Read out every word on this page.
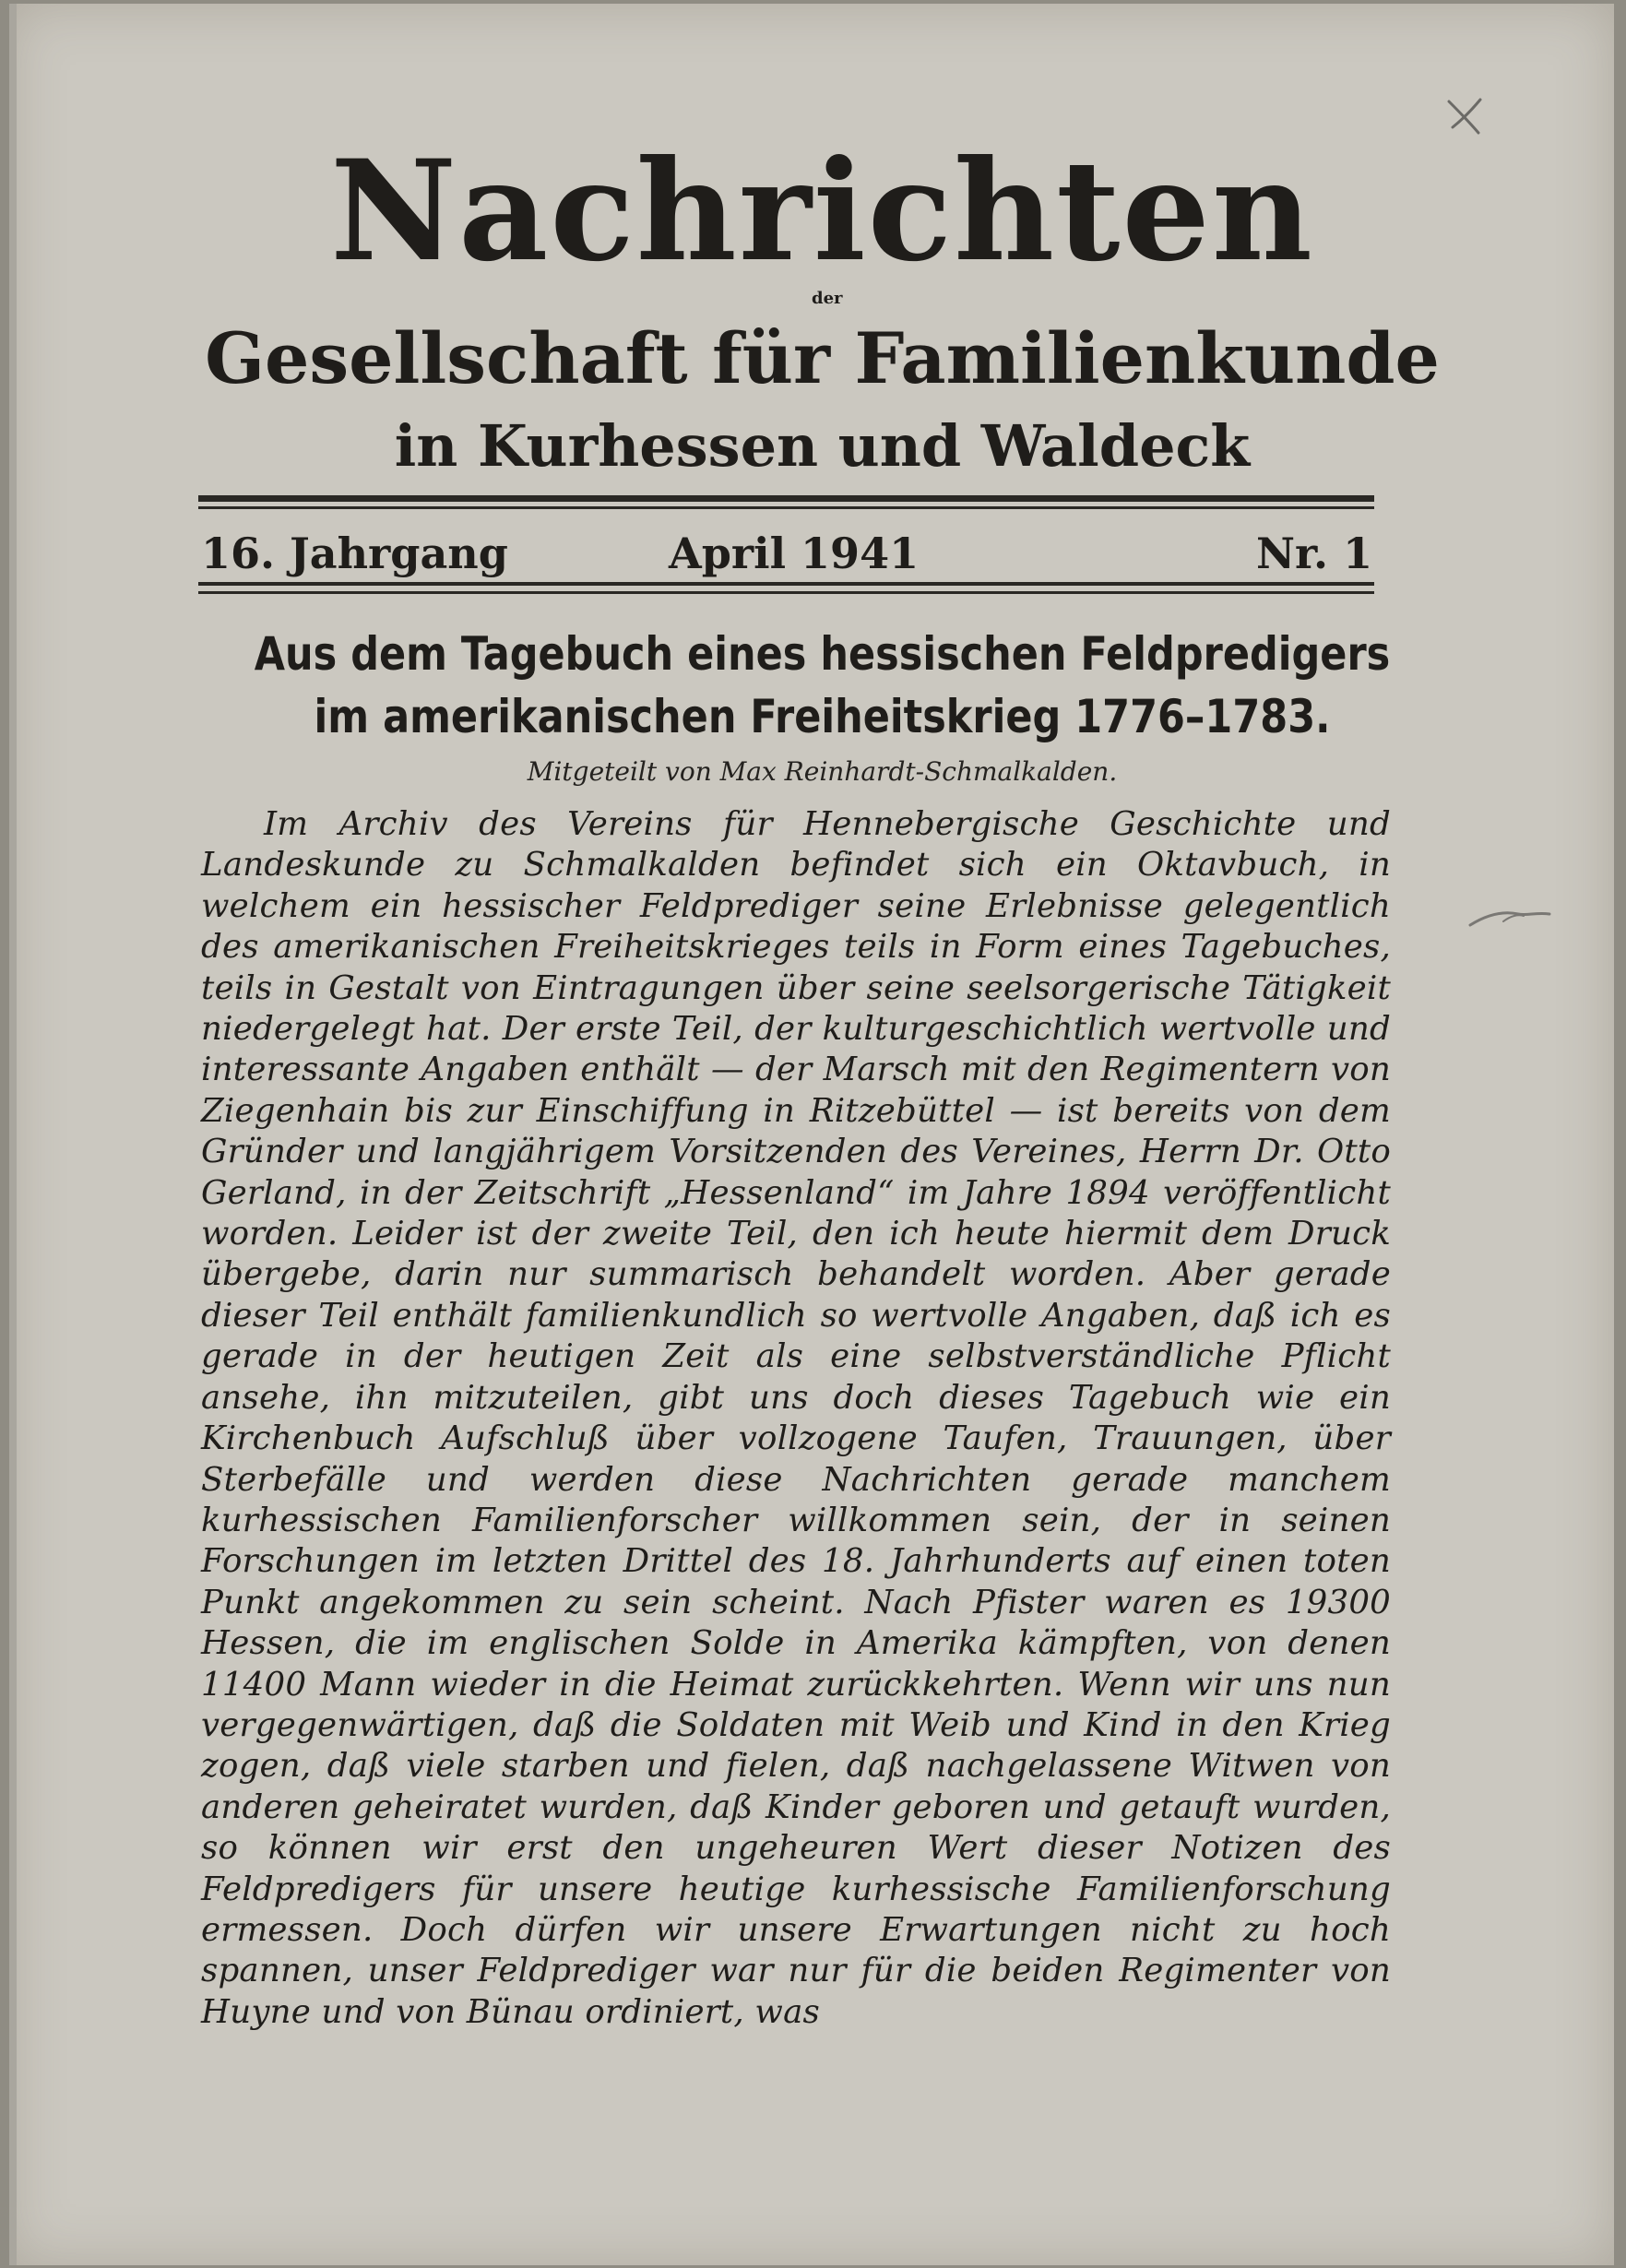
Nachrichten

der

Gesellschaft für Familienkunde
in Kurhessen und Waldeck

16. Jahrgang	April 1941	Nr. 1

Aus dem Tagebuch eines hessischen Feldpredigers
im amerikanischen Freiheitskrieg 1776–1783.

Mitgeteilt von Max Reinhardt-Schmalkalden.

Im Archiv des Vereins für Hennebergische Geschichte und Landeskunde zu Schmalkalden befindet sich ein Oktavbuch, in welchem ein hessischer Feldprediger seine Erlebnisse gelegentlich des amerikanischen Freiheitskrieges teils in Form eines Tagebuches, teils in Gestalt von Eintragungen über seine seelsorgerische Tätigkeit niedergelegt hat. Der erste Teil, der kulturgeschichtlich wertvolle und interessante Angaben enthält — der Marsch mit den Regimentern von Ziegenhain bis zur Einschiffung in Ritzebüttel — ist bereits von dem Gründer und langjährigem Vorsitzenden des Vereines, Herrn Dr. Otto Gerland, in der Zeitschrift „Hessenland“ im Jahre 1894 veröffentlicht worden. Leider ist der zweite Teil, den ich heute hiermit dem Druck übergebe, darin nur summarisch behandelt worden. Aber gerade dieser Teil enthält familienkundlich so wertvolle Angaben, daß ich es gerade in der heutigen Zeit als eine selbstverständliche Pflicht ansehe, ihn mitzuteilen, gibt uns doch dieses Tagebuch wie ein Kirchenbuch Aufschluß über vollzogene Taufen, Trauungen, über Sterbefälle und werden diese Nachrichten gerade manchem kurhessischen Familienforscher willkommen sein, der in seinen Forschungen im letzten Drittel des 18. Jahrhunderts auf einen toten Punkt angekommen zu sein scheint. Nach Pfister waren es 19300 Hessen, die im englischen Solde in Amerika kämpften, von denen 11400 Mann wieder in die Heimat zurückkehrten. Wenn wir uns nun vergegenwärtigen, daß die Soldaten mit Weib und Kind in den Krieg zogen, daß viele starben und fielen, daß nachgelassene Witwen von anderen geheiratet wurden, daß Kinder geboren und getauft wurden, so können wir erst den ungeheuren Wert dieser Notizen des Feldpredigers für unsere heutige kurhessische Familienforschung ermessen. Doch dürfen wir unsere Erwartungen nicht zu hoch spannen, unser Feldprediger war nur für die beiden Regimenter von Huyne und von Bünau ordiniert, was
